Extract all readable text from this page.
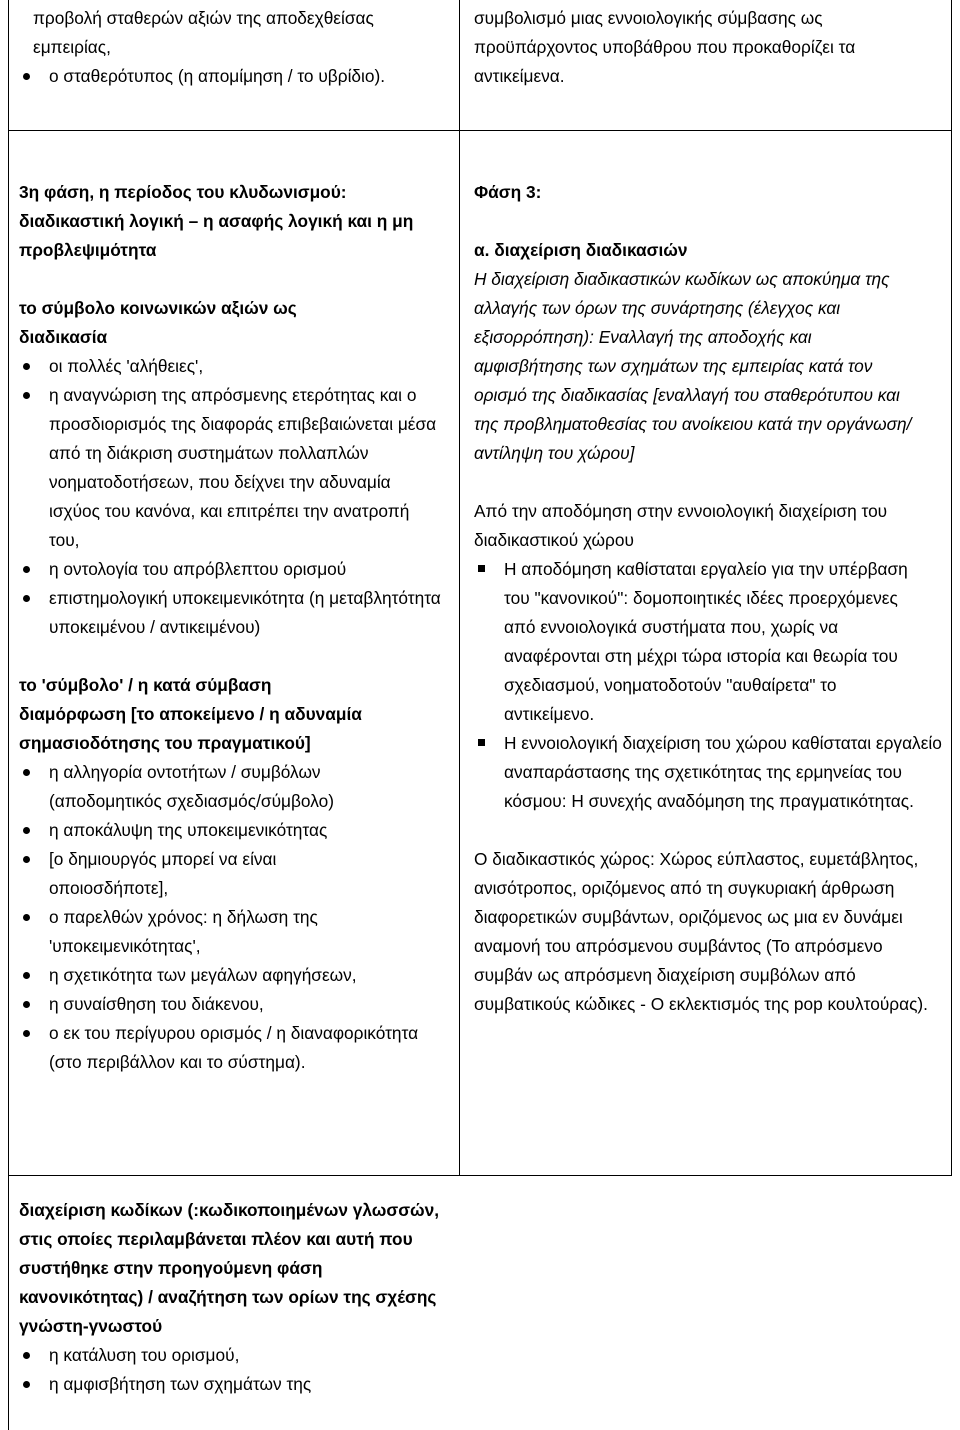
προβολή σταθερών αξιών της αποδεχθείσας εμπειρίας,

ο σταθερότυπος (η απομίμηση / το υβρίδιο).

συμβολισμό μιας εννοιολογικής σύμβασης ως προϋπάρχοντος υποβάθρου που προκαθορίζει τα αντικείμενα.

3η φάση, η περίοδος του κλυδωνισμού: διαδικαστική λογική – η ασαφής λογική και η μη προβλεψιμότητα

το σύμβολο κοινωνικών αξιών ως διαδικασία

οι πολλές 'αλήθειες',

η αναγνώριση της απρόσμενης ετερότητας και ο προσδιορισμός της διαφοράς επιβεβαιώνεται μέσα από τη διάκριση συστημάτων πολλαπλών νοηματοδοτήσεων, που δείχνει την αδυναμία ισχύος του κανόνα, και επιτρέπει την ανατροπή του,

η οντολογία του απρόβλεπτου ορισμού

επιστημολογική υποκειμενικότητα (η μεταβλητότητα υποκειμένου / αντικειμένου)

το 'σύμβολο' / η κατά σύμβαση διαμόρφωση [το αποκείμενο / η αδυναμία σημασιοδότησης του πραγματικού]

η αλληγορία οντοτήτων / συμβόλων (αποδομητικός σχεδιασμός/σύμβολο)

η αποκάλυψη της υποκειμενικότητας

[ο δημιουργός μπορεί να είναι οποιοσδήποτε],

ο παρελθών χρόνος: η δήλωση της 'υποκειμενικότητας',

η σχετικότητα των μεγάλων αφηγήσεων,

η συναίσθηση του διάκενου,

ο εκ του περίγυρου ορισμός / η διαναφορικότητα (στο περιβάλλον και το σύστημα).

Φάση 3:

α. διαχείριση διαδικασιών

Η διαχείριση διαδικαστικών κωδίκων ως αποκύημα της αλλαγής των όρων της συνάρτησης (έλεγχος και εξισορρόπηση): Εναλλαγή της αποδοχής και αμφισβήτησης των σχημάτων της εμπειρίας κατά τον ορισμό της διαδικασίας [εναλλαγή του σταθερότυπου και της προβληματοθεσίας του ανοίκειου κατά την οργάνωση/αντίληψη του χώρου]

Από την αποδόμηση στην εννοιολογική διαχείριση του διαδικαστικού χώρου

Η αποδόμηση καθίσταται εργαλείο για την υπέρβαση του "κανονικού": δομοποιητικές ιδέες προερχόμενες από εννοιολογικά συστήματα που, χωρίς να αναφέρονται στη μέχρι τώρα ιστορία και θεωρία του σχεδιασμού, νοηματοδοτούν "αυθαίρετα" το αντικείμενο.

Η εννοιολογική διαχείριση του χώρου καθίσταται εργαλείο αναπαράστασης της σχετικότητας της ερμηνείας του κόσμου: Η συνεχής αναδόμηση της πραγματικότητας.

Ο διαδικαστικός χώρος: Χώρος εύπλαστος, ευμετάβλητος, ανισότροπος, οριζόμενος από τη συγκυριακή άρθρωση διαφορετικών συμβάντων, οριζόμενος ως μια εν δυνάμει αναμονή του απρόσμενου συμβάντος (Το απρόσμενο συμβάν ως απρόσμενη διαχείριση συμβόλων από συμβατικούς κώδικες - Ο εκλεκτισμός της pop κουλτούρας).

διαχείριση κωδίκων (:κωδικοποιημένων γλωσσών, στις οποίες περιλαμβάνεται πλέον και αυτή που συστήθηκε στην προηγούμενη φάση κανονικότητας) / αναζήτηση των ορίων της σχέσης γνώστη-γνωστού

η κατάλυση του ορισμού,

η αμφισβήτηση των σχημάτων της
